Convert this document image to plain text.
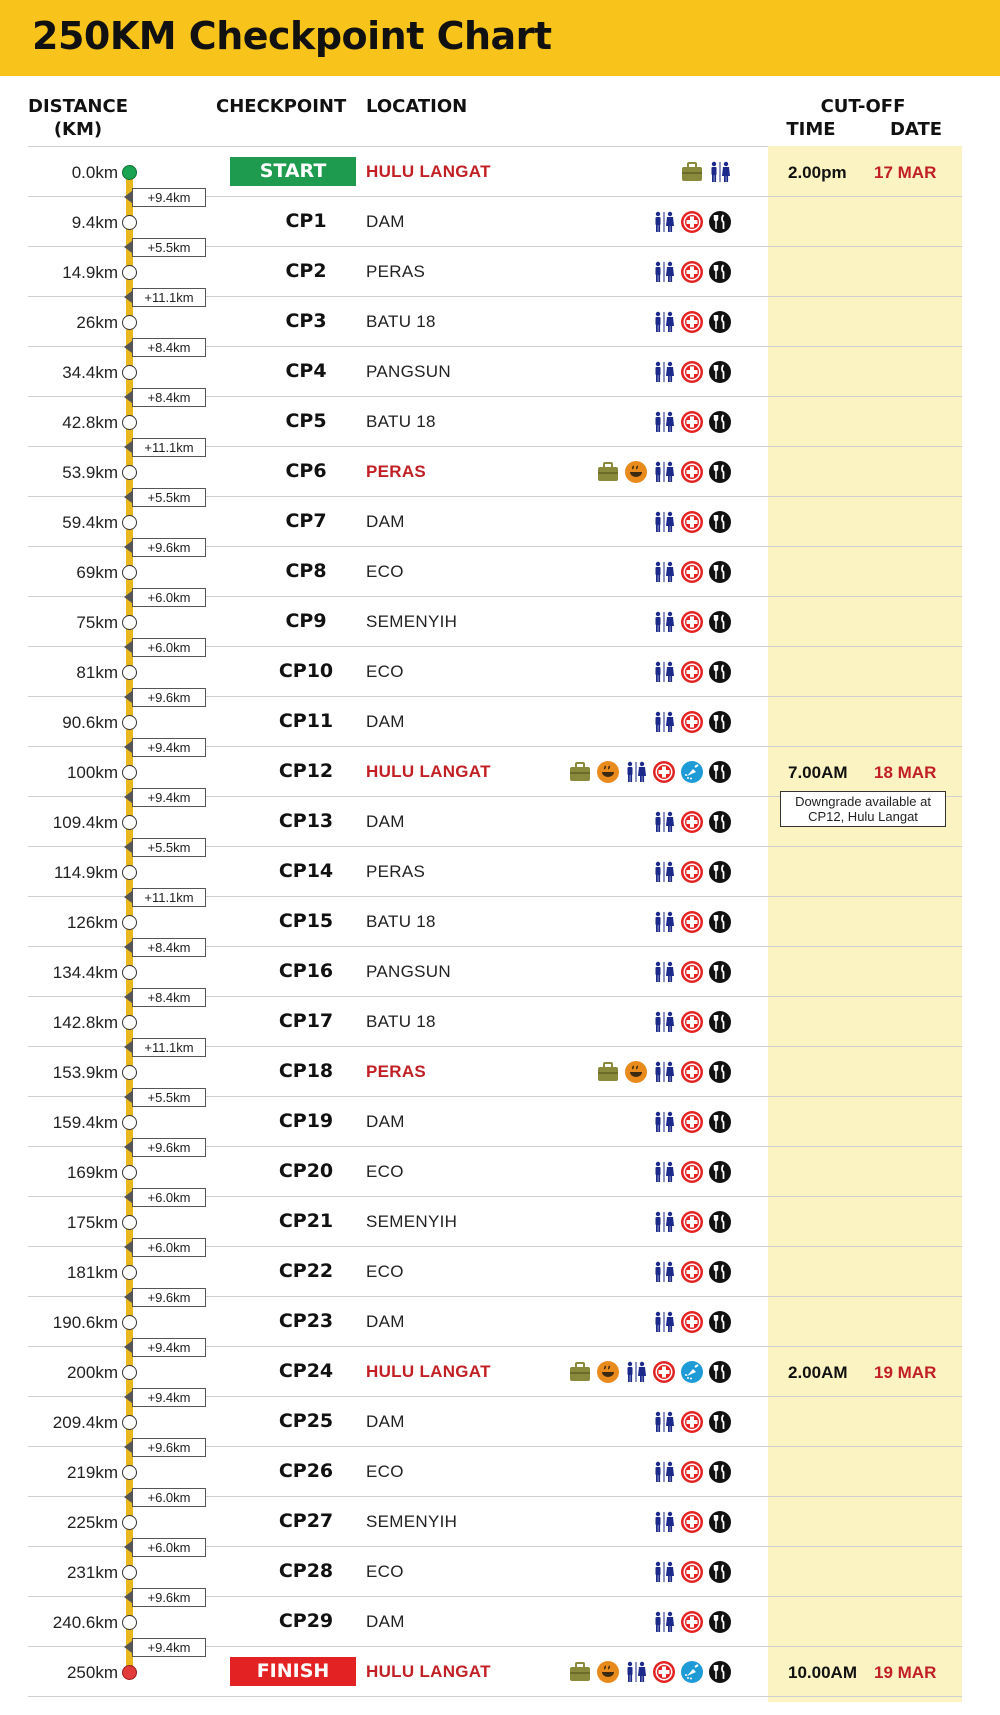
250KM Checkpoint Chart
DISTANCE
(KM)
CHECKPOINT LOCATION	CUT-OFF
TIME	DATE
0.0km	START	HULU LANGAT	2.00pm 17 MAR
+9.4km
9.4km	CP1	DAM
+5.5km
14.9km	CP2	PERAS
+11.1km
26km	CP3	BATU 18
+8.4km
34.4km	CP4	PANGSUN
+8.4km
42.8km	CP5	BATU 18
+11.1km
53.9km	CP6	PERAS
+5.5km
59.4km	CP7	DAM
+9.6km
69km	CP8	ECO
+6.0km
75km	CP9	SEMENYIH
+6.0km
81km	CP10	ECO
+9.6km
90.6km	CP11	DAM
+9.4km
100km	CP12	HULU LANGAT	7.00AM 18 MAR
+9.4km
109.4km	CP13	DAM
+5.5km
114.9km	CP14	PERAS
+11.1km
126km	CP15	BATU 18
+8.4km
134.4km	CP16	PANGSUN
+8.4km
142.8km	CP17	BATU 18
+11.1km
153.9km	CP18	PERAS
+5.5km
159.4km	CP19	DAM
+9.6km
169km	CP20	ECO
+6.0km
175km	CP21	SEMENYIH
+6.0km
181km	CP22	ECO
+9.6km
190.6km	CP23	DAM
+9.4km
200km	CP24	HULU LANGAT	2.00AM 19 MAR
+9.4km
209.4km	CP25	DAM
+9.6km
219km	CP26	ECO
+6.0km
225km	CP27	SEMENYIH
+6.0km
231km	CP28	ECO
+9.6km
240.6km	CP29	DAM
+9.4km
250km	FINISH	HULU LANGAT	10.00AM 19 MAR
Downgrade available at CP12, Hulu Langat
